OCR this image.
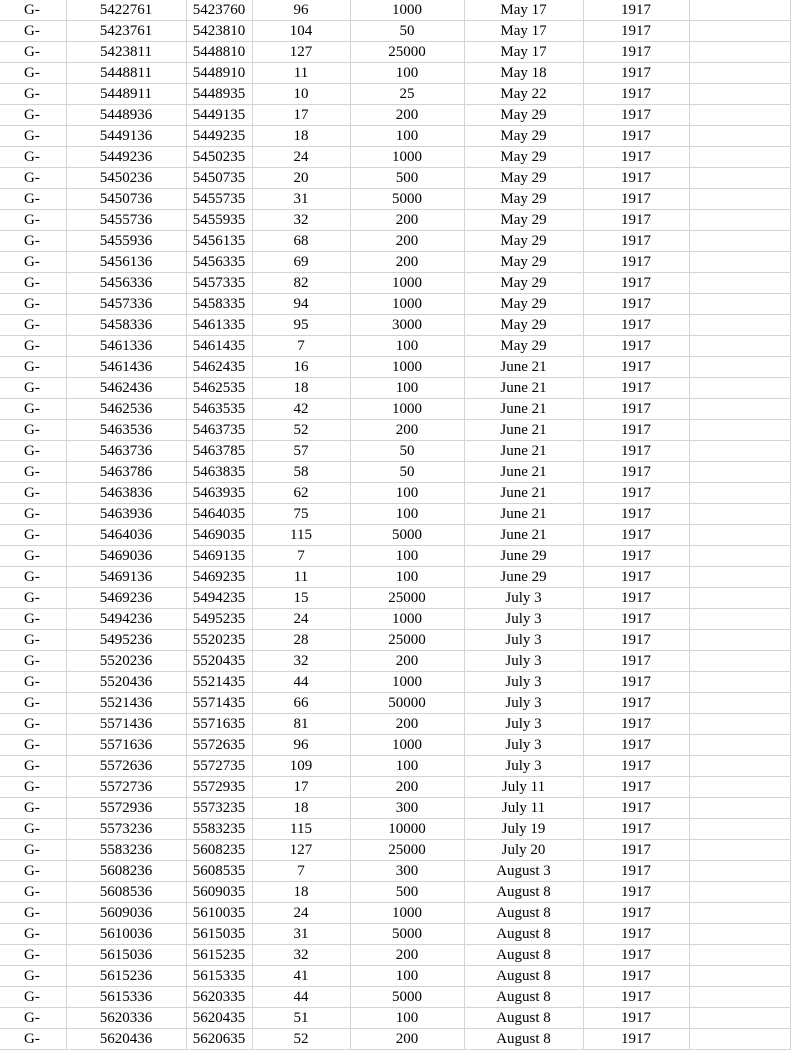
G-	5422761	5423760	96	1000	May 17	1917	
G-	5423761	5423810	104	50	May 17	1917	
G-	5423811	5448810	127	25000	May 17	1917	
G-	5448811	5448910	11	100	May 18	1917	
G-	5448911	5448935	10	25	May 22	1917	
G-	5448936	5449135	17	200	May 29	1917	
G-	5449136	5449235	18	100	May 29	1917	
G-	5449236	5450235	24	1000	May 29	1917	
G-	5450236	5450735	20	500	May 29	1917	
G-	5450736	5455735	31	5000	May 29	1917	
G-	5455736	5455935	32	200	May 29	1917	
G-	5455936	5456135	68	200	May 29	1917	
G-	5456136	5456335	69	200	May 29	1917	
G-	5456336	5457335	82	1000	May 29	1917	
G-	5457336	5458335	94	1000	May 29	1917	
G-	5458336	5461335	95	3000	May 29	1917	
G-	5461336	5461435	7	100	May 29	1917	
G-	5461436	5462435	16	1000	June 21	1917	
G-	5462436	5462535	18	100	June 21	1917	
G-	5462536	5463535	42	1000	June 21	1917	
G-	5463536	5463735	52	200	June 21	1917	
G-	5463736	5463785	57	50	June 21	1917	
G-	5463786	5463835	58	50	June 21	1917	
G-	5463836	5463935	62	100	June 21	1917	
G-	5463936	5464035	75	100	June 21	1917	
G-	5464036	5469035	115	5000	June 21	1917	
G-	5469036	5469135	7	100	June 29	1917	
G-	5469136	5469235	11	100	June 29	1917	
G-	5469236	5494235	15	25000	July 3	1917	
G-	5494236	5495235	24	1000	July 3	1917	
G-	5495236	5520235	28	25000	July 3	1917	
G-	5520236	5520435	32	200	July 3	1917	
G-	5520436	5521435	44	1000	July 3	1917	
G-	5521436	5571435	66	50000	July 3	1917	
G-	5571436	5571635	81	200	July 3	1917	
G-	5571636	5572635	96	1000	July 3	1917	
G-	5572636	5572735	109	100	July 3	1917	
G-	5572736	5572935	17	200	July 11	1917	
G-	5572936	5573235	18	300	July 11	1917	
G-	5573236	5583235	115	10000	July 19	1917	
G-	5583236	5608235	127	25000	July 20	1917	
G-	5608236	5608535	7	300	August 3	1917	
G-	5608536	5609035	18	500	August 8	1917	
G-	5609036	5610035	24	1000	August 8	1917	
G-	5610036	5615035	31	5000	August 8	1917	
G-	5615036	5615235	32	200	August 8	1917	
G-	5615236	5615335	41	100	August 8	1917	
G-	5615336	5620335	44	5000	August 8	1917	
G-	5620336	5620435	51	100	August 8	1917	
G-	5620436	5620635	52	200	August 8	1917	
